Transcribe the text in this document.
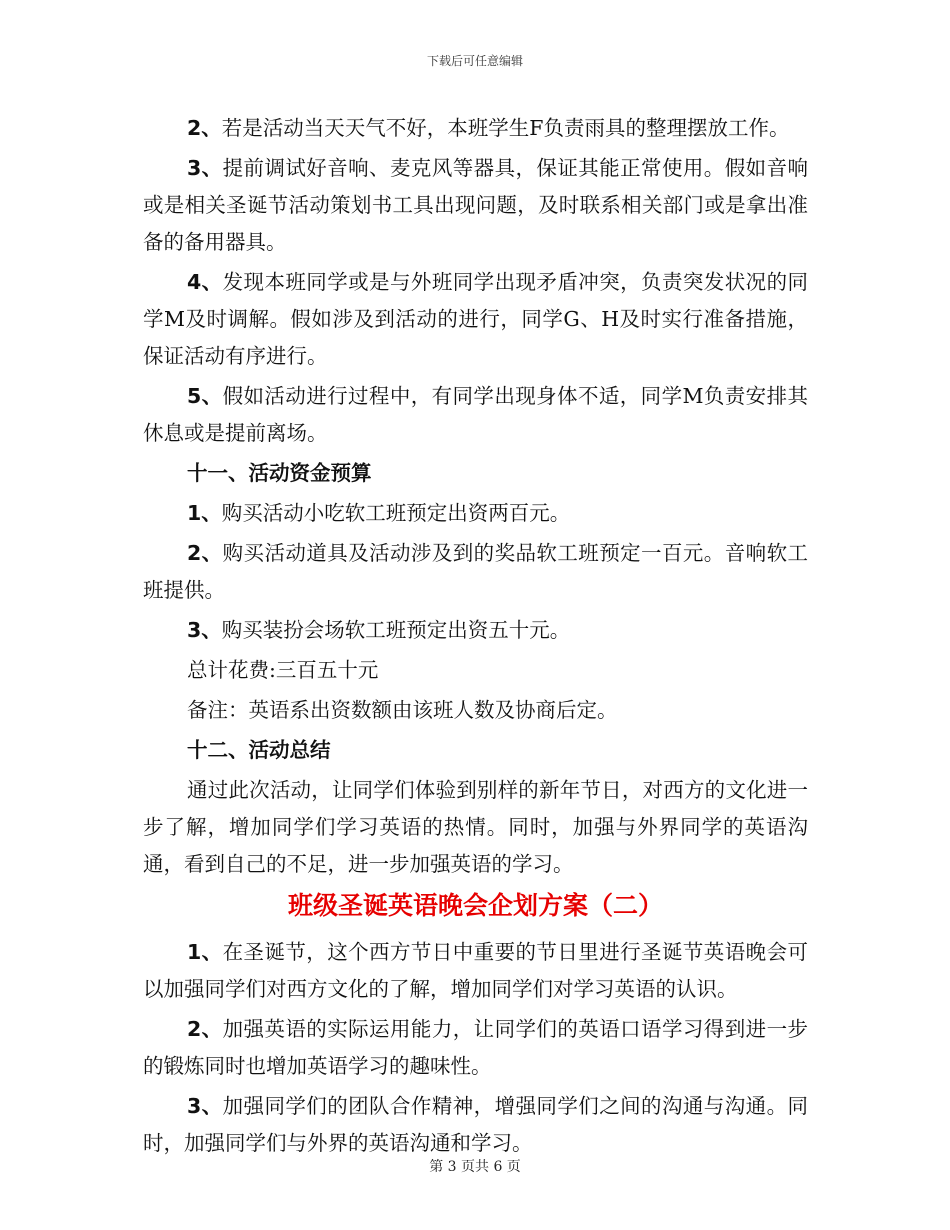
下载后可任意编辑

2、若是活动当天天气不好，本班学生F负责雨具的整理摆放工作。

3、提前调试好音响、麦克风等器具，保证其能正常使用。假如音响或是相关圣诞节活动策划书工具出现问题，及时联系相关部门或是拿出准备的备用器具。

4、发现本班同学或是与外班同学出现矛盾冲突，负责突发状况的同学M及时调解。假如涉及到活动的进行，同学G、H及时实行准备措施，保证活动有序进行。

5、假如活动进行过程中，有同学出现身体不适，同学M负责安排其休息或是提前离场。

十一、活动资金预算

1、购买活动小吃软工班预定出资两百元。

2、购买活动道具及活动涉及到的奖品软工班预定一百元。音响软工班提供。

3、购买装扮会场软工班预定出资五十元。

总计花费:三百五十元

备注：英语系出资数额由该班人数及协商后定。

十二、活动总结

通过此次活动，让同学们体验到别样的新年节日，对西方的文化进一步了解，增加同学们学习英语的热情。同时，加强与外界同学的英语沟通，看到自己的不足，进一步加强英语的学习。

班级圣诞英语晚会企划方案（二）

1、在圣诞节，这个西方节日中重要的节日里进行圣诞节英语晚会可以加强同学们对西方文化的了解，增加同学们对学习英语的认识。

2、加强英语的实际运用能力，让同学们的英语口语学习得到进一步的锻炼同时也增加英语学习的趣味性。

3、加强同学们的团队合作精神，增强同学们之间的沟通与沟通。同时，加强同学们与外界的英语沟通和学习。

第 3 页共 6 页
